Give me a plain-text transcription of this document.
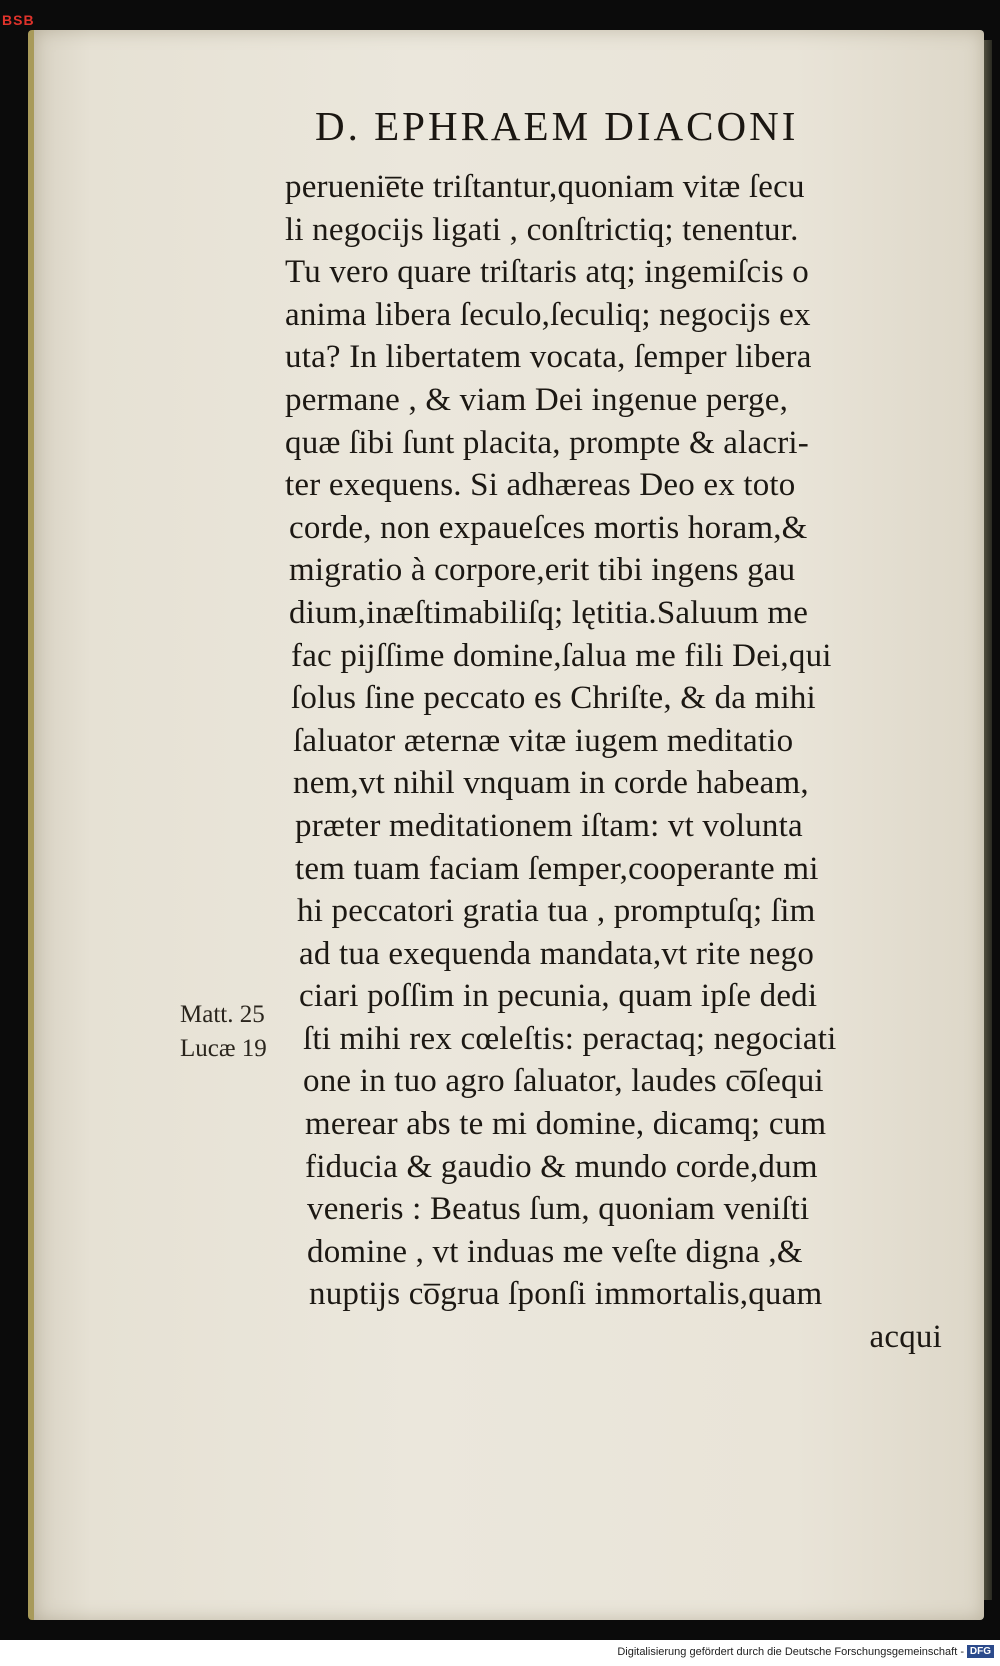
BSB
D. EPHRAEM DIACONI
peruenie̅te triſtantur,quoniam vitæ ſecu
li negocijs ligati , conſtrictiq; tenentur.
Tu vero quare triſtaris atq; ingemiſcis o
anima libera ſeculo,ſeculiq; negocijs ex
uta? In libertatem vocata, ſemper libera
permane , & viam Dei ingenue perge,
quæ ſibi ſunt placita, prompte & alacri-
ter exequens. Si adhæreas Deo ex toto
corde, non expaueſces mortis horam,&
migratio à corpore,erit tibi ingens gau
dium,inæſtimabiliſq; lętitia.Saluum me
fac pijſſime domine,ſalua me fili Dei,qui
ſolus ſine peccato es Chriſte, & da mihi
ſaluator æternæ vitæ iugem meditatio
nem,vt nihil vnquam in corde habeam,
præter meditationem iſtam: vt volunta
tem tuam faciam ſemper,cooperante mi
hi peccatori gratia tua , promptuſq; ſim
ad tua exequenda mandata,vt rite nego
ciari poſſim in pecunia, quam ipſe dedi
ſti mihi rex cœleſtis: peractaq; negociati
one in tuo agro ſaluator, laudes co̅ſequi
merear abs te mi domine, dicamq; cum
fiducia & gaudio & mundo corde,dum
veneris : Beatus ſum, quoniam veniſti
domine , vt induas me veſte digna ,&
nuptijs co̅grua ſponſi immortalis,quam
acqui
Matt. 25
Lucæ 19
Digitalisierung gefördert durch die Deutsche Forschungsgemeinschaft - DFG
